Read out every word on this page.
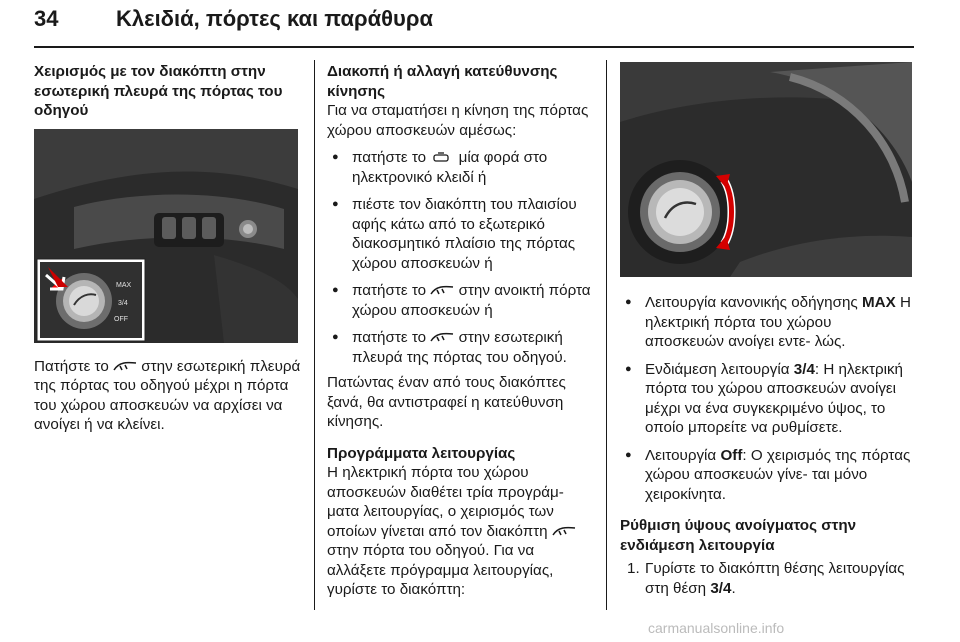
34	Κλειδιά, πόρτες και παράθυρα

Χειρισμός με τον διακόπτη στην εσωτερική πλευρά της πόρτας του οδηγού

MAX
3/4
OFF

Πατήστε το στην εσωτερική πλευρά της πόρτας του οδηγού μέχρι η πόρτα του χώρου αποσκευών να αρχίσει να ανοίγει ή να κλείνει.

Διακοπή ή αλλαγή κατεύθυνσης κίνησης

Για να σταματήσει η κίνηση της πόρτας χώρου αποσκευών αμέσως:

● πατήστε το μία φορά στο ηλεκτρονικό κλειδί ή
● πιέστε τον διακόπτη του πλαισίου αφής κάτω από το εξωτερικό διακοσμητικό πλαίσιο της πόρτας χώρου αποσκευών ή
● πατήστε το στην ανοικτή πόρτα χώρου αποσκευών ή
● πατήστε το στην εσωτερική πλευρά της πόρτας του οδηγού.

Πατώντας έναν από τους διακόπτες ξανά, θα αντιστραφεί η κατεύθυνση κίνησης.

Προγράμματα λειτουργίας

Η ηλεκτρική πόρτα του χώρου αποσκευών διαθέτει τρία προγράμ‑ ματα λειτουργίας, ο χειρισμός των οποίων γίνεται από τον διακόπτη  στην πόρτα του οδηγού. Για να αλλάξετε πρόγραμμα λειτουργίας, γυρίστε το διακόπτη:

● Λειτουργία κανονικής οδήγησης MAX Η ηλεκτρική πόρτα του χώρου αποσκευών ανοίγει εντε‑ λώς.
● Ενδιάμεση λειτουργία 3/4: Η ηλεκτρική πόρτα του χώρου αποσκευών ανοίγει μέχρι να ένα συγκεκριμένο ύψος, το οποίο μπορείτε να ρυθμίσετε.
● Λειτουργία Off: Ο χειρισμός της πόρτας χώρου αποσκευών γίνε‑ ται μόνο χειροκίνητα.

Ρύθμιση ύψους ανοίγματος στην ενδιάμεση λειτουργία

1. Γυρίστε το διακόπτη θέσης λειτουργίας στη θέση 3/4.
carmanualsonline.info
